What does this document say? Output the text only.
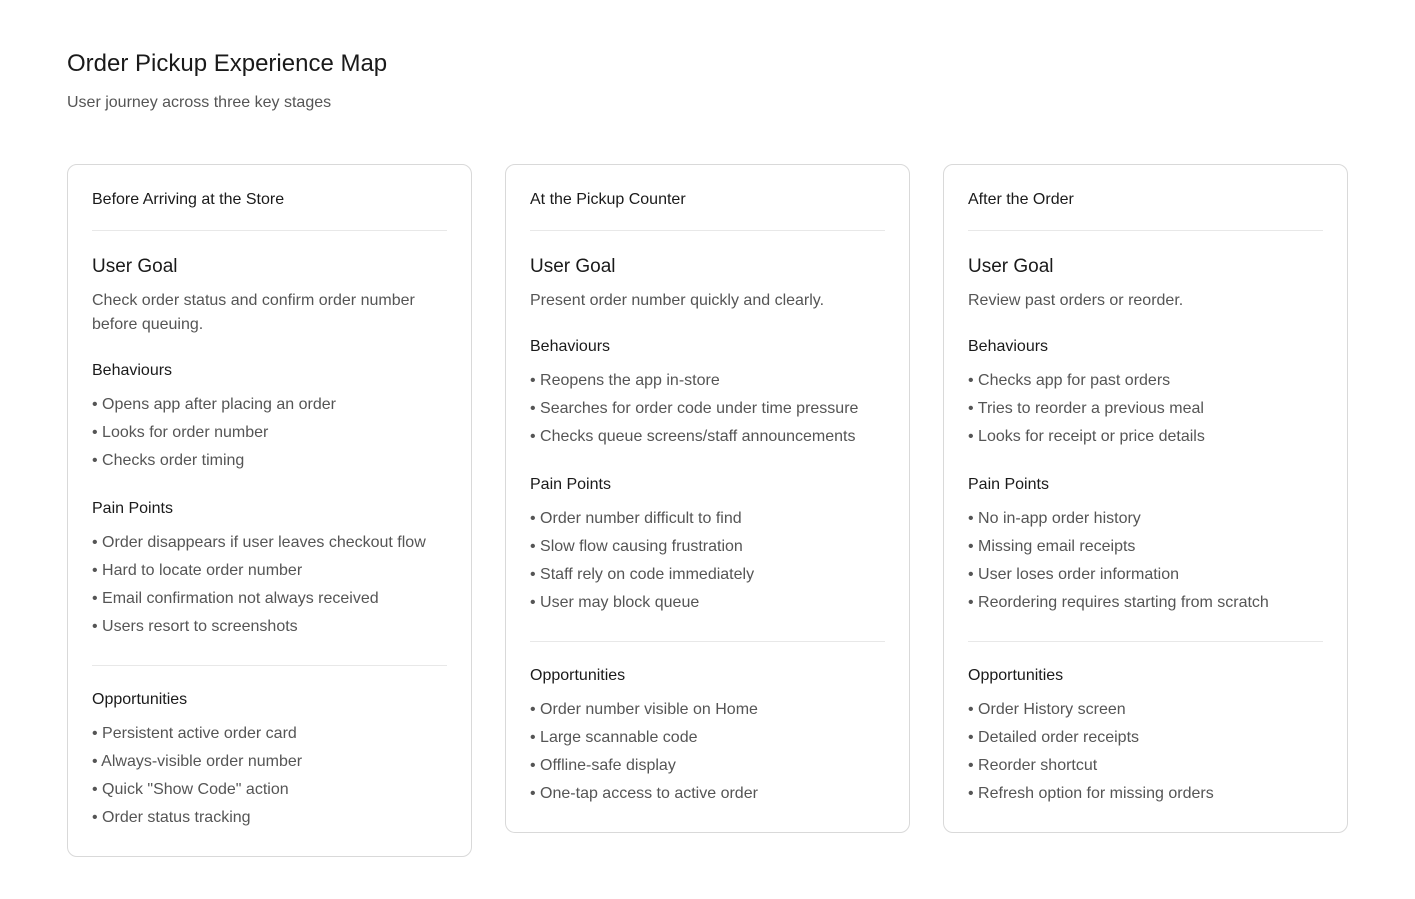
Order Pickup Experience Map

User journey across three key stages

Before Arriving at the Store
User Goal
Check order status and confirm order number before queuing.
Behaviours
• Opens app after placing an order
• Looks for order number
• Checks order timing
Pain Points
• Order disappears if user leaves checkout flow
• Hard to locate order number
• Email confirmation not always received
• Users resort to screenshots
Opportunities
• Persistent active order card
• Always-visible order number
• Quick "Show Code" action
• Order status tracking
At the Pickup Counter
User Goal
Present order number quickly and clearly.
Behaviours
• Reopens the app in-store
• Searches for order code under time pressure
• Checks queue screens/staff announcements
Pain Points
• Order number difficult to find
• Slow flow causing frustration
• Staff rely on code immediately
• User may block queue
Opportunities
• Order number visible on Home
• Large scannable code
• Offline-safe display
• One-tap access to active order
After the Order
User Goal
Review past orders or reorder.
Behaviours
• Checks app for past orders
• Tries to reorder a previous meal
• Looks for receipt or price details
Pain Points
• No in-app order history
• Missing email receipts
• User loses order information
• Reordering requires starting from scratch
Opportunities
• Order History screen
• Detailed order receipts
• Reorder shortcut
• Refresh option for missing orders
